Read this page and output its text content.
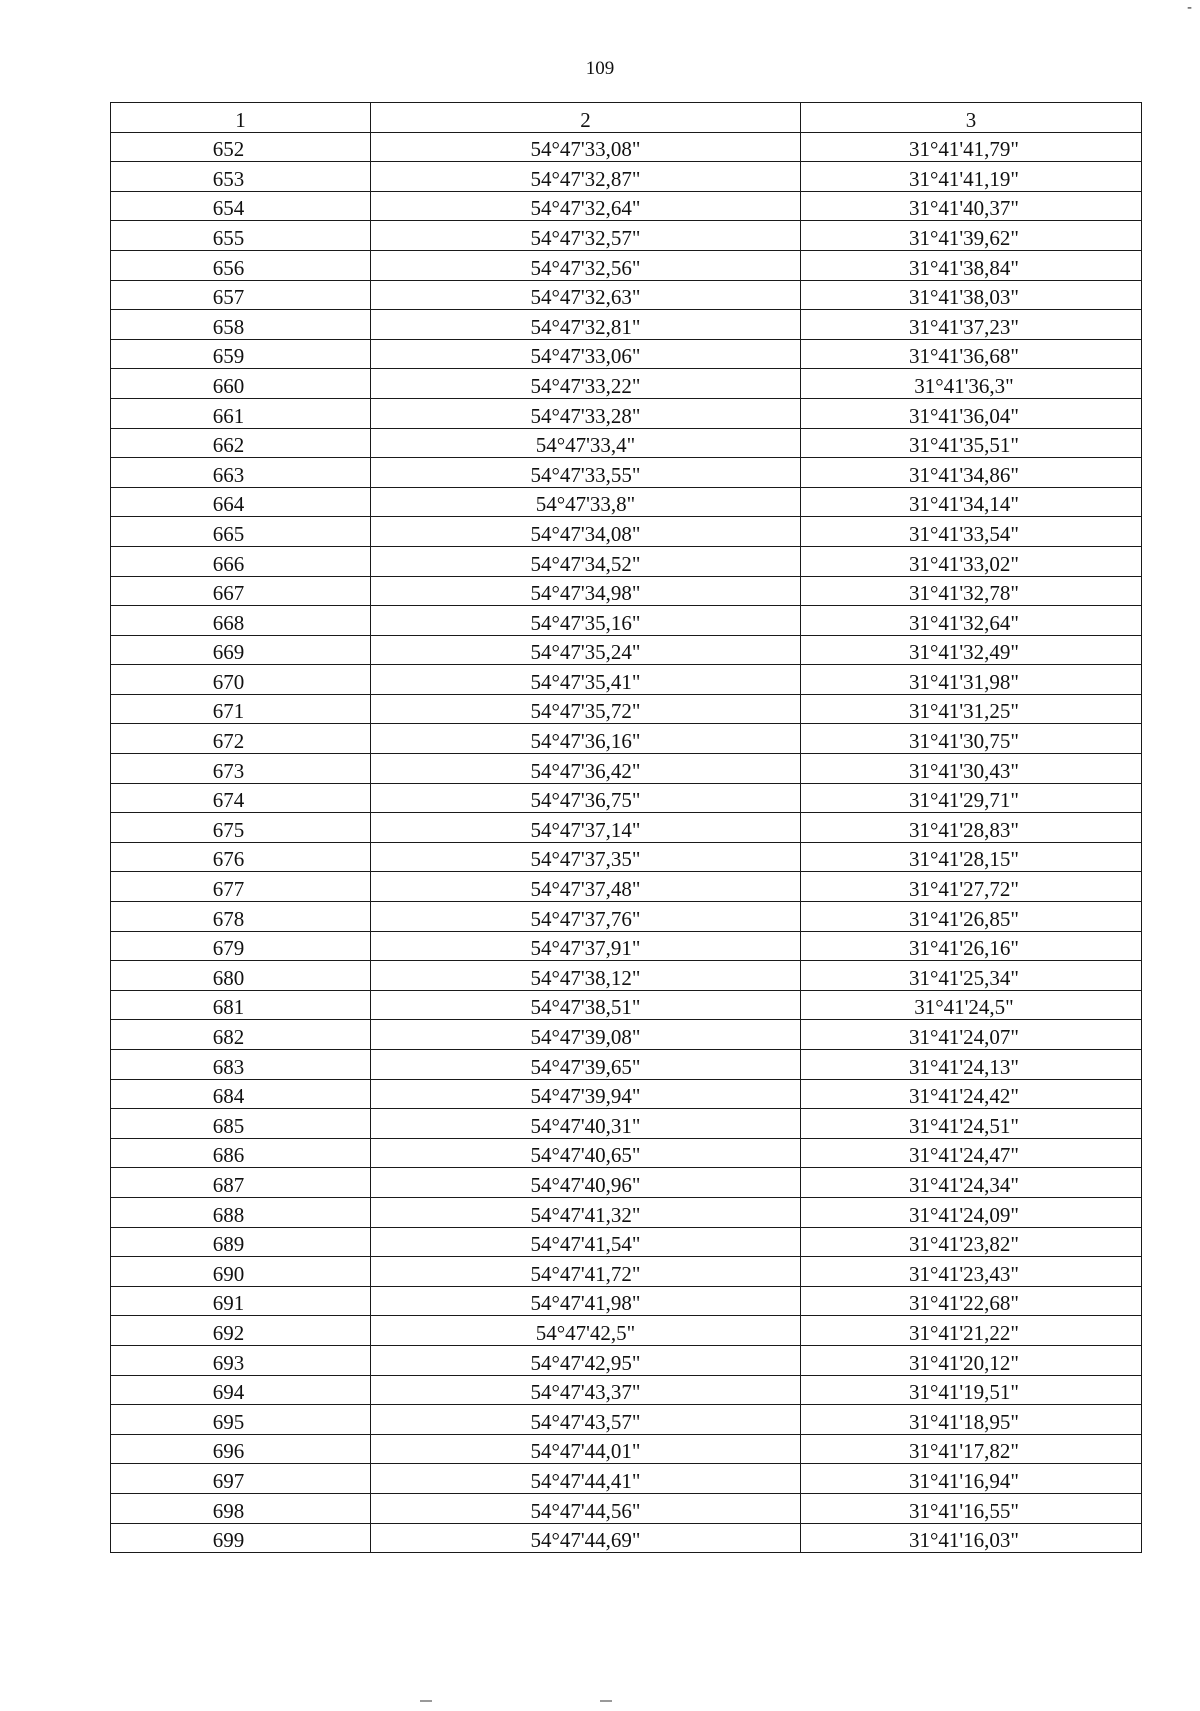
-
109
1	2	3
652	54°47'33,08"	31°41'41,79"
653	54°47'32,87"	31°41'41,19"
654	54°47'32,64"	31°41'40,37"
655	54°47'32,57"	31°41'39,62"
656	54°47'32,56"	31°41'38,84"
657	54°47'32,63"	31°41'38,03"
658	54°47'32,81"	31°41'37,23"
659	54°47'33,06"	31°41'36,68"
660	54°47'33,22"	31°41'36,3"
661	54°47'33,28"	31°41'36,04"
662	54°47'33,4"	31°41'35,51"
663	54°47'33,55"	31°41'34,86"
664	54°47'33,8"	31°41'34,14"
665	54°47'34,08"	31°41'33,54"
666	54°47'34,52"	31°41'33,02"
667	54°47'34,98"	31°41'32,78"
668	54°47'35,16"	31°41'32,64"
669	54°47'35,24"	31°41'32,49"
670	54°47'35,41"	31°41'31,98"
671	54°47'35,72"	31°41'31,25"
672	54°47'36,16"	31°41'30,75"
673	54°47'36,42"	31°41'30,43"
674	54°47'36,75"	31°41'29,71"
675	54°47'37,14"	31°41'28,83"
676	54°47'37,35"	31°41'28,15"
677	54°47'37,48"	31°41'27,72"
678	54°47'37,76"	31°41'26,85"
679	54°47'37,91"	31°41'26,16"
680	54°47'38,12"	31°41'25,34"
681	54°47'38,51"	31°41'24,5"
682	54°47'39,08"	31°41'24,07"
683	54°47'39,65"	31°41'24,13"
684	54°47'39,94"	31°41'24,42"
685	54°47'40,31"	31°41'24,51"
686	54°47'40,65"	31°41'24,47"
687	54°47'40,96"	31°41'24,34"
688	54°47'41,32"	31°41'24,09"
689	54°47'41,54"	31°41'23,82"
690	54°47'41,72"	31°41'23,43"
691	54°47'41,98"	31°41'22,68"
692	54°47'42,5"	31°41'21,22"
693	54°47'42,95"	31°41'20,12"
694	54°47'43,37"	31°41'19,51"
695	54°47'43,57"	31°41'18,95"
696	54°47'44,01"	31°41'17,82"
697	54°47'44,41"	31°41'16,94"
698	54°47'44,56"	31°41'16,55"
699	54°47'44,69"	31°41'16,03"
